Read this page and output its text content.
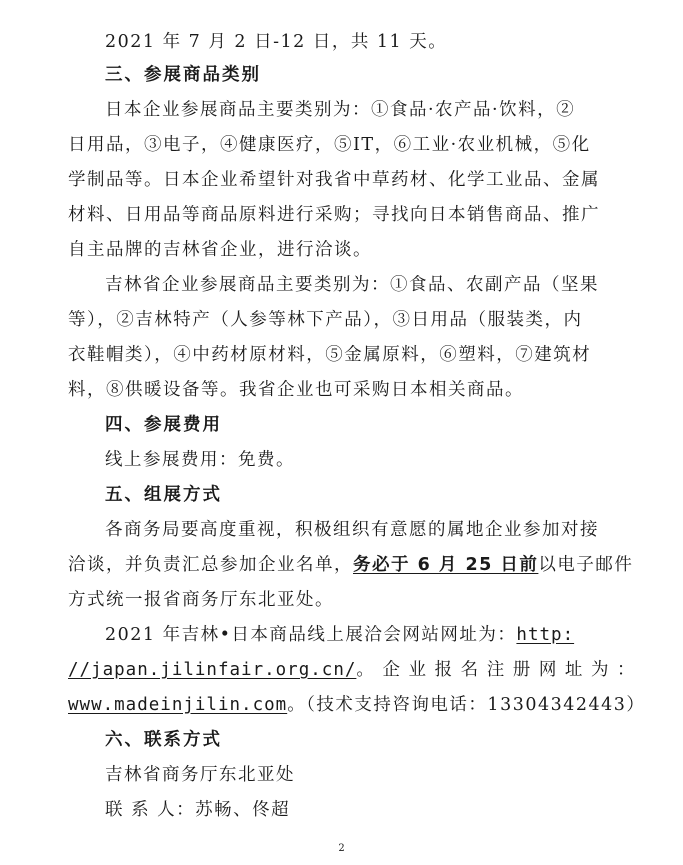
2021 年 7 月 2 日-12 日，共 11 天。
三、参展商品类别
日本企业参展商品主要类别为：①食品·农产品·饮料，②
日用品，③电子，④健康医疗，⑤IT，⑥工业·农业机械，⑤化
学制品等。日本企业希望针对我省中草药材、化学工业品、金属
材料、日用品等商品原料进行采购；寻找向日本销售商品、推广
自主品牌的吉林省企业，进行洽谈。
吉林省企业参展商品主要类别为：①食品、农副产品（坚果
等），②吉林特产（人参等林下产品），③日用品（服装类，内
衣鞋帽类），④中药材原材料，⑤金属原料，⑥塑料，⑦建筑材
料，⑧供暖设备等。我省企业也可采购日本相关商品。
四、参展费用
线上参展费用：免费。
五、组展方式
各商务局要高度重视，积极组织有意愿的属地企业参加对接
洽谈，并负责汇总参加企业名单，务必于 6 月 25 日前以电子邮件
方式统一报省商务厅东北亚处。
2021 年吉林•日本商品线上展洽会网站网址为：http:
//japan.jilinfair.org.cn/。 企 业 报 名 注 册 网 址 为 ：
www.madeinjilin.com。（技术支持咨询电话：13304342443）
六、联系方式
吉林省商务厅东北亚处
联 系 人：苏畅、佟超
2
